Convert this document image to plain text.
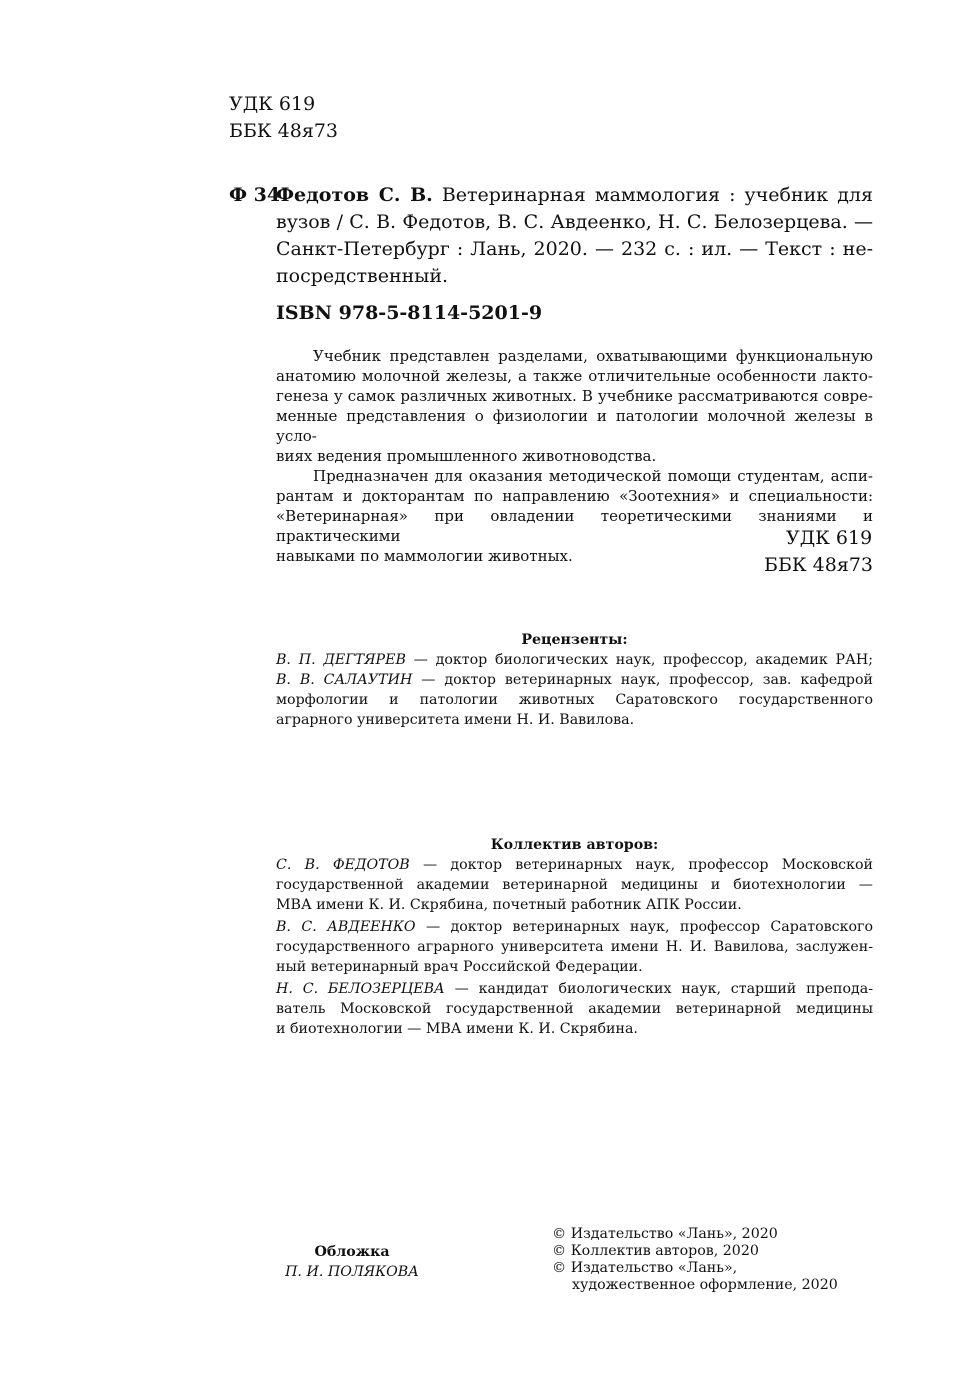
УДК 619
ББК 48я73
Ф 34
Федотов С. В. Ветеринарная маммология : учебник для
вузов / С. В. Федотов, В. С. Авдеенко, Н. С. Белозерцева. —
Санкт-Петербург : Лань, 2020. — 232 с. : ил. — Текст : не-
посредственный.
ISBN 978-5-8114-5201-9
Учебник представлен разделами, охватывающими функциональную
анатомию молочной железы, а также отличительные особенности лакто-
генеза у самок различных животных. В учебнике рассматриваются совре-
менные представления о физиологии и патологии молочной железы в усло-
виях ведения промышленного животноводства.
Предназначен для оказания методической помощи студентам, аспи-
рантам и докторантам по направлению «Зоотехния» и специальности:
«Ветеринарная» при овладении теоретическими знаниями и практическими
навыками по маммологии животных.
УДК 619
ББК 48я73
Рецензенты:
В. П. ДЕГТЯРЕВ — доктор биологических наук, профессор, академик РАН;
В. В. САЛАУТИН — доктор ветеринарных наук, профессор, зав. кафедрой
морфологии и патологии животных Саратовского государственного
аграрного университета имени Н. И. Вавилова.
Коллектив авторов:
С. В. ФЕДОТОВ — доктор ветеринарных наук, профессор Московской
государственной академии ветеринарной медицины и биотехнологии —
МВА имени К. И. Скрябина, почетный работник АПК России.
В. С. АВДЕЕНКО — доктор ветеринарных наук, профессор Саратовского
государственного аграрного университета имени Н. И. Вавилова, заслужен-
ный ветеринарный врач Российской Федерации.
Н. С. БЕЛОЗЕРЦЕВА — кандидат биологических наук, старший препода-
ватель Московской государственной академии ветеринарной медицины
и биотехнологии — МВА имени К. И. Скрябина.
Обложка
П. И. ПОЛЯКОВА
© Издательство «Лань», 2020
© Коллектив авторов, 2020
© Издательство «Лань»,
художественное оформление, 2020
